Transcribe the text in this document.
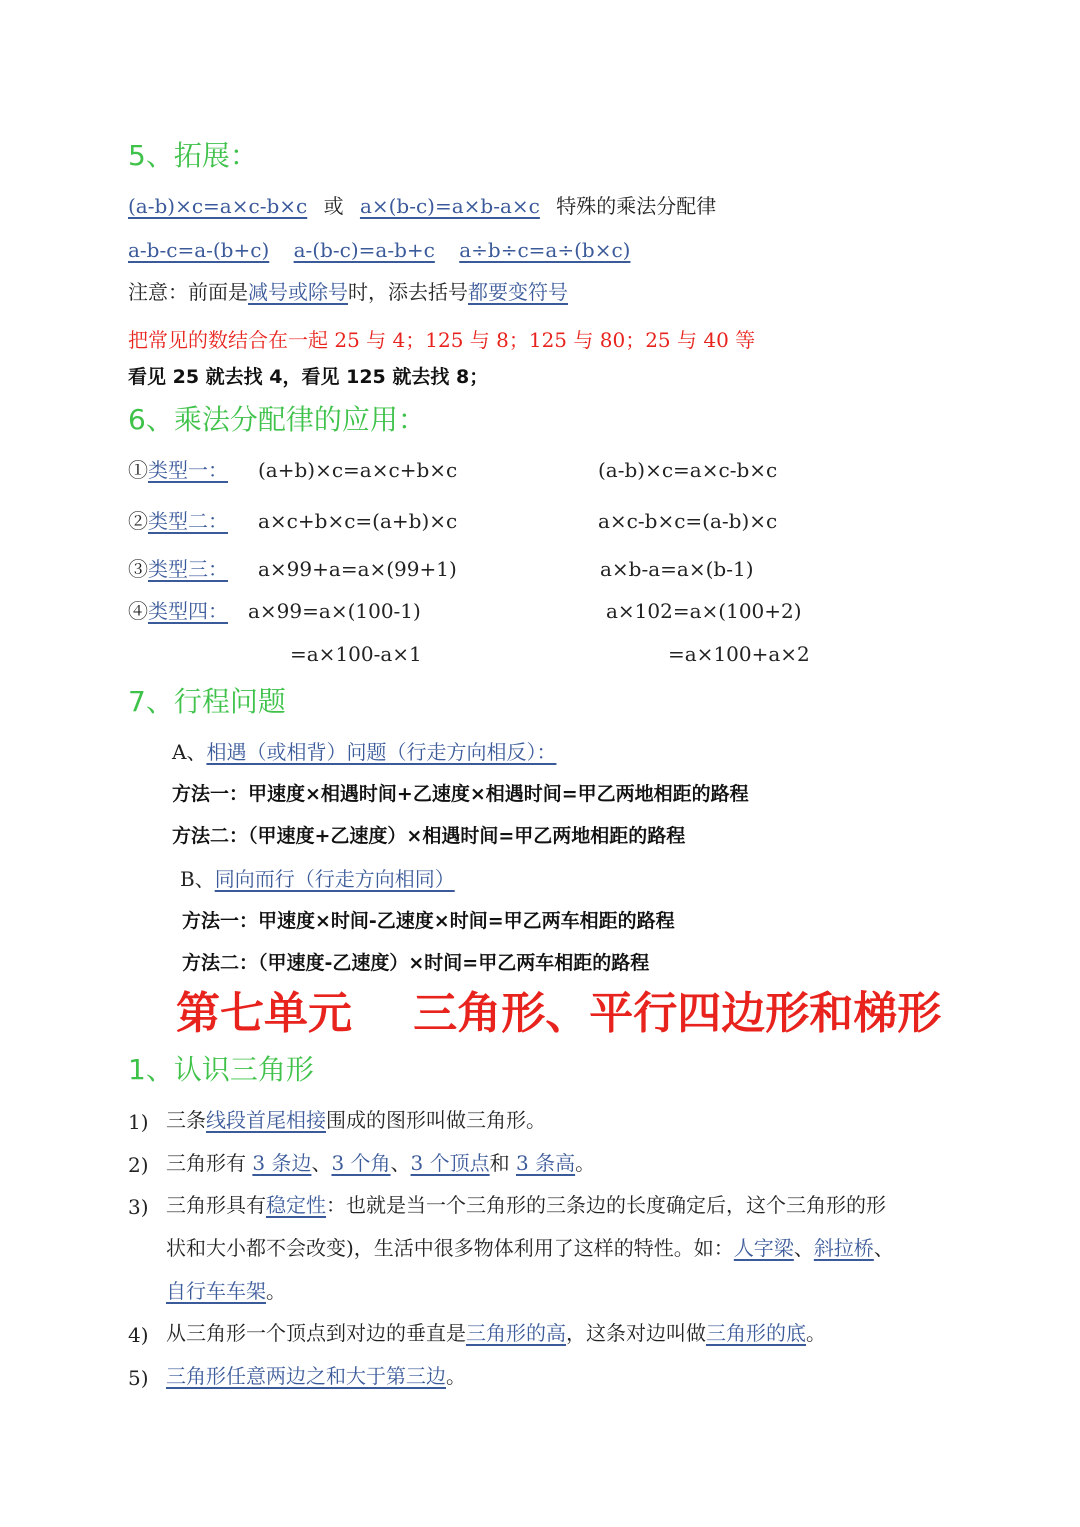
5、拓展：
(a-b)×c=a×c-b×c 或 a×(b-c)=a×b-a×c 特殊的乘法分配律
a-b-c=a-(b+c) a-(b-c)=a-b+c a÷b÷c=a÷(b×c)
注意：前面是减号或除号时，添去括号都要变符号
把常见的数结合在一起 25 与 4；125 与 8；125 与 80；25 与 40 等
看见 25 就去找 4，看见 125 就去找 8；
6、乘法分配律的应用：
①类型一： (a+b)×c=a×c+b×c	(a-b)×c=a×c-b×c
②类型二： a×c+b×c=(a+b)×c	a×c-b×c=(a-b)×c
③类型三： a×99+a=a×(99+1)	a×b-a=a×(b-1)
④类型四： a×99=a×(100-1)	a×102=a×(100+2)
=a×100-a×1	=a×100+a×2
7、行程问题
A、相遇（或相背）问题（行走方向相反）：
方法一：甲速度×相遇时间+乙速度×相遇时间=甲乙两地相距的路程
方法二：（甲速度+乙速度）×相遇时间=甲乙两地相距的路程
B、同向而行（行走方向相同）
方法一：甲速度×时间-乙速度×时间=甲乙两车相距的路程
方法二：（甲速度-乙速度）×时间=甲乙两车相距的路程
第七单元    三角形、平行四边形和梯形
1、认识三角形
1) 三条线段首尾相接围成的图形叫做三角形。
2) 三角形有 3 条边、3 个角、3 个顶点和 3 条高。
3) 三角形具有稳定性：也就是当一个三角形的三条边的长度确定后，这个三角形的形
状和大小都不会改变)，生活中很多物体利用了这样的特性。如：人字梁、斜拉桥、
自行车车架。
4) 从三角形一个顶点到对边的垂直是三角形的高，这条对边叫做三角形的底。
5) 三角形任意两边之和大于第三边。
